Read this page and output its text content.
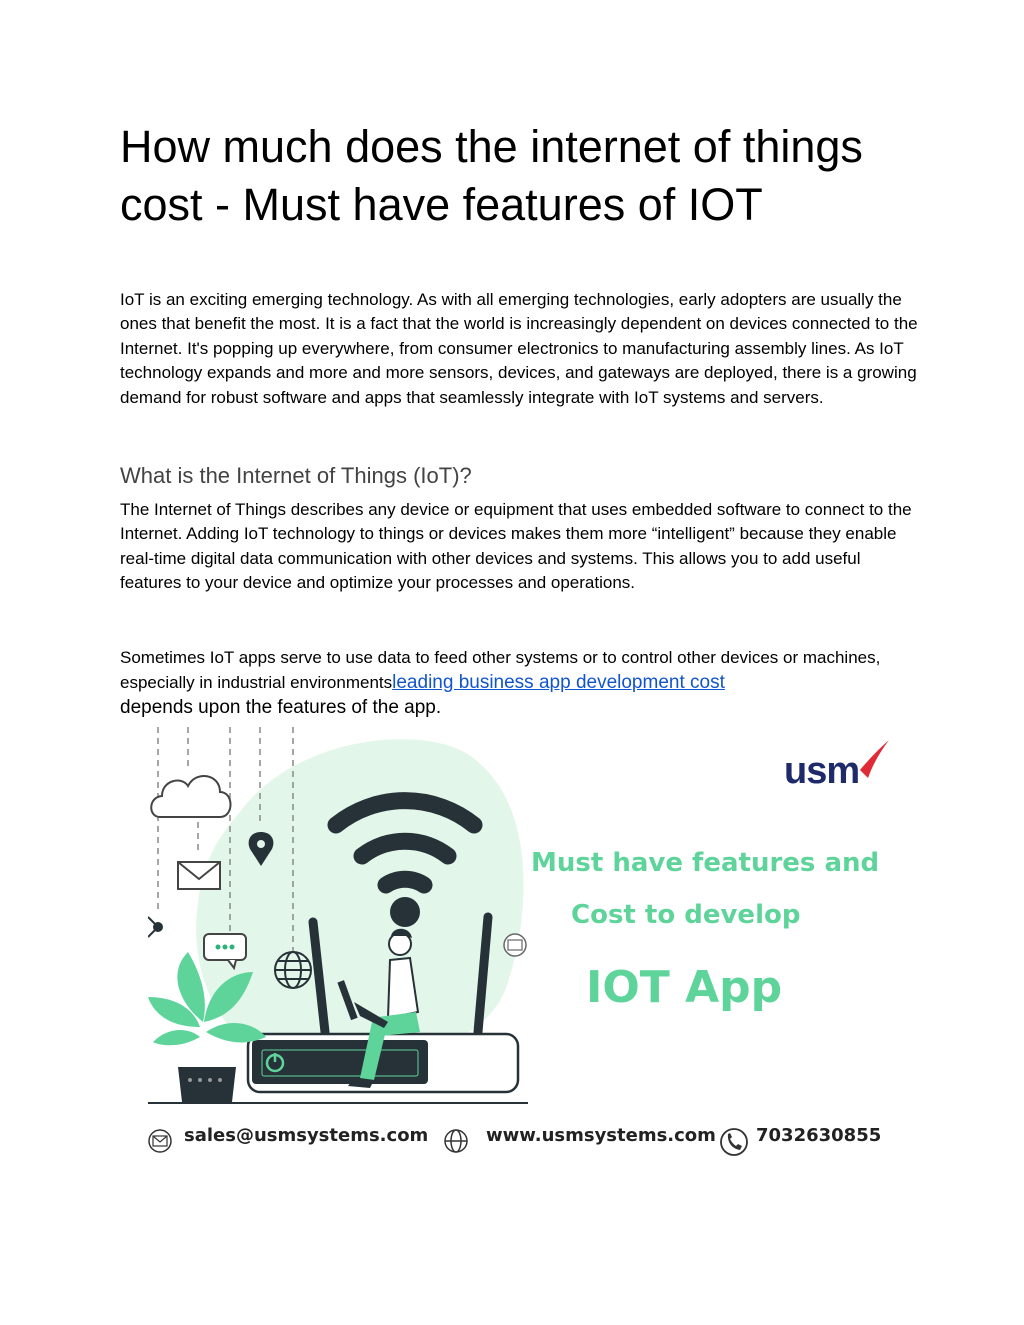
How much does the internet of things cost - Must have features of IOT

IoT is an exciting emerging technology. As with all emerging technologies, early adopters are usually the ones that benefit the most. It is a fact that the world is increasingly dependent on devices connected to the Internet. It's popping up everywhere, from consumer electronics to manufacturing assembly lines. As IoT technology expands and more and more sensors, devices, and gateways are deployed, there is a growing demand for robust software and apps that seamlessly integrate with IoT systems and servers.

What is the Internet of Things (IoT)?

The Internet of Things describes any device or equipment that uses embedded software to connect to the Internet. Adding IoT technology to things or devices makes them more “intelligent” because they enable real-time digital data communication with other devices and systems. This allows you to add useful features to your device and optimize your processes and operations.

Sometimes IoT apps serve to use data to feed other systems or to control other devices or machines, especially in industrial environmentsleading business app development cost
depends upon the features of the app.

usm
Must have features and
Cost to develop
IOT App
sales@usmsystems.com	www.usmsystems.com 7032630855
